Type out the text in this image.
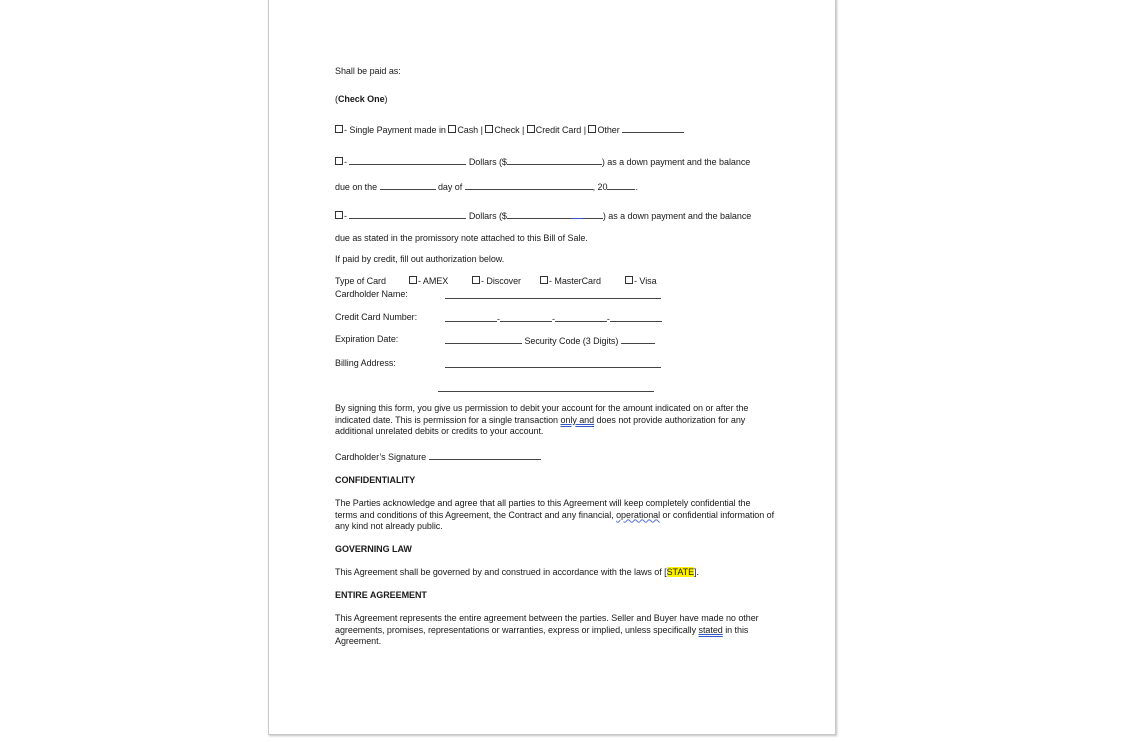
Shall be paid as:
(Check One)
- Single Payment made in Cash | Check | Credit Card | Other
-	Dollars ($	) as a down payment and the balance
due on the	day of	, 20	.
-	Dollars ($	) as a down payment and the balance
due as stated in the promissory note attached to this Bill of Sale.
If paid by credit, fill out authorization below.
Type of Card	- AMEX	- Discover	- MasterCard	- Visa
Cardholder Name:
Credit Card Number:	-	-	-
Expiration Date:	Security Code (3 Digits)
Billing Address:
By signing this form, you give us permission to debit your account for the amount indicated on or after the indicated date. This is permission for a single transaction only and does not provide authorization for any additional unrelated debits or credits to your account.
Cardholder’s Signature
CONFIDENTIALITY
The Parties acknowledge and agree that all parties to this Agreement will keep completely confidential the terms and conditions of this Agreement, the Contract and any financial, operational or confidential information of any kind not already public.
GOVERNING LAW
This Agreement shall be governed by and construed in accordance with the laws of [STATE].
ENTIRE AGREEMENT
This Agreement represents the entire agreement between the parties. Seller and Buyer have made no other agreements, promises, representations or warranties, express or implied, unless specifically stated in this Agreement.
